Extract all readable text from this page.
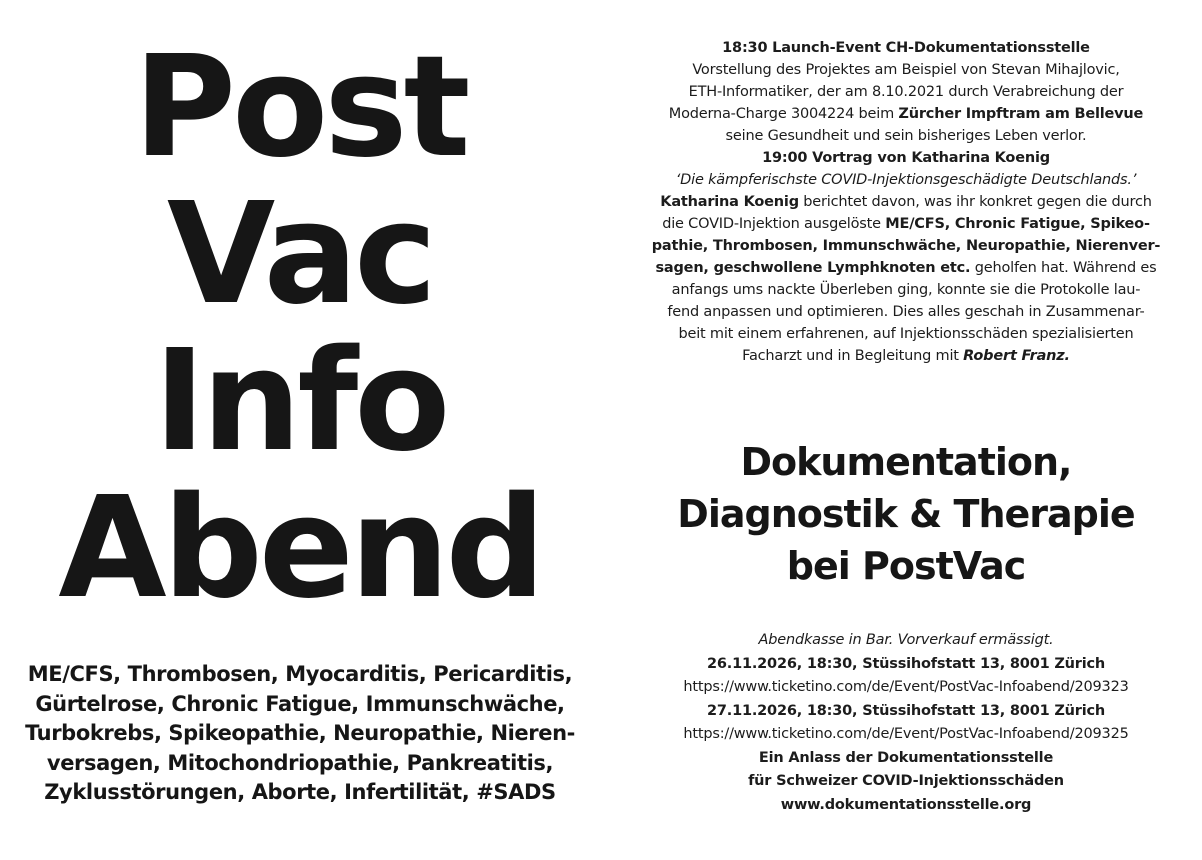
Post
Vac
Info
Abend

ME/CFS, Thrombosen, Myocarditis, Pericarditis,
Gürtelrose, Chronic Fatigue, Immunschwäche,
Turbokrebs, Spikeopathie, Neuropathie, Nieren-
versagen, Mitochondriopathie, Pankreatitis,
Zyklusstörungen, Aborte, Infertilität, #SADS

18:30 Launch-Event CH-Dokumentationsstelle
Vorstellung des Projektes am Beispiel von Stevan Mihajlovic,
ETH-Informatiker, der am 8.10.2021 durch Verabreichung der
Moderna-Charge 3004224 beim Zürcher Impftram am Bellevue
seine Gesundheit und sein bisheriges Leben verlor.
19:00 Vortrag von Katharina Koenig
‘Die kämpferischste COVID-Injektionsgeschädigte Deutschlands.’
Katharina Koenig berichtet davon, was ihr konkret gegen die durch
die COVID-Injektion ausgelöste ME/CFS, Chronic Fatigue, Spikeo-
pathie, Thrombosen, Immunschwäche, Neuropathie, Nierenver-
sagen, geschwollene Lymphknoten etc. geholfen hat. Während es
anfangs ums nackte Überleben ging, konnte sie die Protokolle lau-
fend anpassen und optimieren. Dies alles geschah in Zusammenar-
beit mit einem erfahrenen, auf Injektionsschäden spezialisierten
Facharzt und in Begleitung mit Robert Franz.
Dokumentation,
Diagnostik & Therapie
bei PostVac
Abendkasse in Bar. Vorverkauf ermässigt.
26.11.2026, 18:30, Stüssihofstatt 13, 8001 Zürich
https://www.ticketino.com/de/Event/PostVac-Infoabend/209323
27.11.2026, 18:30, Stüssihofstatt 13, 8001 Zürich
https://www.ticketino.com/de/Event/PostVac-Infoabend/209325
Ein Anlass der Dokumentationsstelle
für Schweizer COVID-Injektionsschäden
www.dokumentationsstelle.org
